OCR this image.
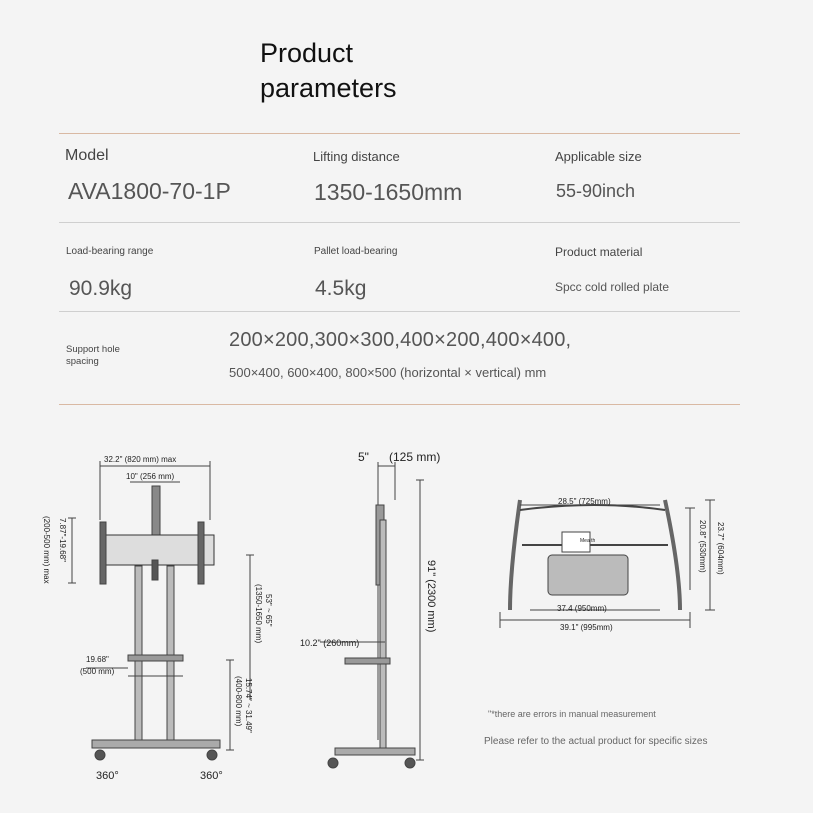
Product
parameters
Model
AVA1800-70-1P
Lifting distance
1350-1650mm
Applicable size
55-90inch
Load-bearing range
90.9kg
Pallet load-bearing
4.5kg
Product material
Spcc cold rolled plate
Support hole
spacing
200×200,300×300,400×200,400×400,
500×400, 600×400, 800×500 (horizontal × vertical) mm
32.2" (820 mm) max
10" (256 mm)
7.87"-19.68"
(200-500 mm) max
53" ~ 65"
(1350-1650 mm)
19.68"
(500 mm)
15.74" ~ 31.49"
(400-800 mm)
360°	360°
5" (125 mm)
91" (2300 mm)
10.2" (260mm)
28.5" (725mm)
Mea th
37.4 (950mm)
39.1" (995mm)
20.8" (530mm) 23.7" (604mm)
"*there are errors in manual measurement
Please refer to the actual product for specific sizes
